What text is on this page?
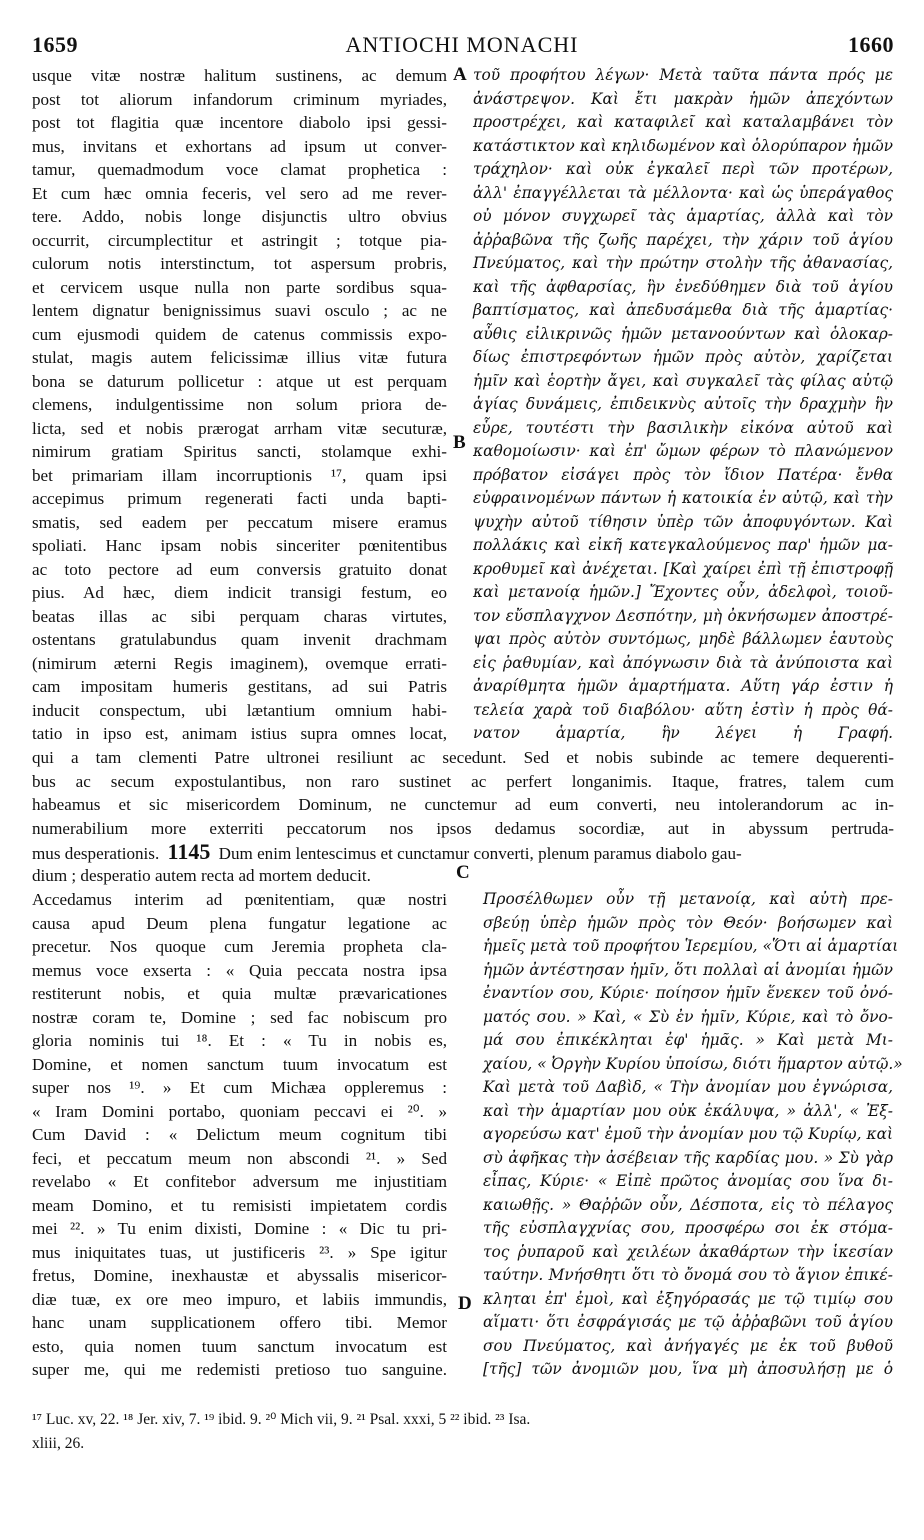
ANTIOCHI MONACHI
1659	1660
A
B
C
D
usque vitæ nostræ halitum sustinens, ac demum
post tot aliorum infandorum criminum myriades,
post tot flagitia quæ incentore diabolo ipsi gessi-
mus, invitans et exhortans ad ipsum ut conver-
tamur, quemadmodum voce clamat prophetica :
Et cum hæc omnia feceris, vel sero ad me rever-
tere. Addo, nobis longe disjunctis ultro obvius
occurrit, circumplectitur et astringit ; totque pia-
culorum notis interstinctum, tot aspersum probris,
et cervicem usque nulla non parte sordibus squa-
lentem dignatur benignissimus suavi osculo ; ac ne
cum ejusmodi quidem de catenus commissis expo-
stulat, magis autem felicissimæ illius vitæ futura
bona se daturum pollicetur : atque ut est perquam
clemens, indulgentissime non solum priora de-
licta, sed et nobis prærogat arrham vitæ secuturæ,
nimirum gratiam Spiritus sancti, stolamque exhi-
bet primariam illam incorruptionis ¹⁷, quam ipsi
accepimus primum regenerati facti unda bapti-
smatis, sed eadem per peccatum misere eramus
spoliati. Hanc ipsam nobis sinceriter pœnitentibus
ac toto pectore ad eum conversis gratuito donat
pius. Ad hæc, diem indicit transigi festum, eo
beatas illas ac sibi perquam charas virtutes,
ostentans gratulabundus quam invenit drachmam
(nimirum æterni Regis imaginem), ovemque errati-
cam impositam humeris gestitans, ad sui Patris
inducit conspectum, ubi lætantium omnium habi-
tatio in ipso est, animam istius supra omnes locat,
τοῦ προφήτου λέγων· Μετὰ ταῦτα πάντα πρός με
ἀνάστρεψον. Καὶ ἔτι μακρὰν ἡμῶν ἀπεχόντων
προστρέχει, καὶ καταφιλεῖ καὶ καταλαμβάνει τὸν
κατάστικτον καὶ κηλιδωμένον καὶ ὁλορύπαρον ἡμῶν
τράχηλον· καὶ οὐκ ἐγκαλεῖ περὶ τῶν προτέρων,
ἀλλ' ἐπαγγέλλεται τὰ μέλλοντα· καὶ ὡς ὑπεράγαθος
οὐ μόνον συγχωρεῖ τὰς ἁμαρτίας, ἀλλὰ καὶ τὸν
ἀῤῥαβῶνα τῆς ζωῆς παρέχει, τὴν χάριν τοῦ ἁγίου
Πνεύματος, καὶ τὴν πρώτην στολὴν τῆς ἀθανασίας,
καὶ τῆς ἀφθαρσίας, ἣν ἐνεδύθημεν διὰ τοῦ ἁγίου
βαπτίσματος, καὶ ἀπεδυσάμεθα διὰ τῆς ἁμαρτίας·
αὖθις εἰλικρινῶς ἡμῶν μετανοούντων καὶ ὁλοκαρ-
δίως ἐπιστρεφόντων ἡμῶν πρὸς αὐτὸν, χαρίζεται
ἡμῖν καὶ ἑορτὴν ἄγει, καὶ συγκαλεῖ τὰς φίλας αὐτῷ
ἁγίας δυνάμεις, ἐπιδεικνὺς αὐτοῖς τὴν δραχμὴν ἣν
εὗρε, τουτέστι τὴν βασιλικὴν εἰκόνα αὐτοῦ καὶ
καθομοίωσιν· καὶ ἐπ' ὤμων φέρων τὸ πλανώμενον
πρόβατον εἰσάγει πρὸς τὸν ἴδιον Πατέρα· ἔνθα
εὐφραινομένων πάντων ἡ κατοικία ἐν αὐτῷ, καὶ τὴν
ψυχὴν αὐτοῦ τίθησιν ὑπὲρ τῶν ἀποφυγόντων. Καὶ
πολλάκις καὶ εἰκῆ κατεγκαλούμενος παρ' ἡμῶν μα-
κροθυμεῖ καὶ ἀνέχεται. [Καὶ χαίρει ἐπὶ τῇ ἐπιστροφῇ
καὶ μετανοίᾳ ἡμῶν.] Ἔχοντες οὖν, ἀδελφοὶ, τοιοῦ-
τον εὔσπλαγχνον Δεσπότην, μὴ ὀκνήσωμεν ἀποστρέ-
ψαι πρὸς αὐτὸν συντόμως, μηδὲ βάλλωμεν ἑαυτοὺς
εἰς ῥαθυμίαν, καὶ ἀπόγνωσιν διὰ τὰ ἀνύποιστα καὶ
ἀναρίθμητα ἡμῶν ἁμαρτήματα. Αὕτη γάρ ἐστιν ἡ
τελεία χαρὰ τοῦ διαβόλου· αὕτη ἐστὶν ἡ πρὸς θά-
νατον ἁμαρτία, ἣν λέγει ἡ Γραφή.
qui a tam clementi Patre ultronei resiliunt ac secedunt. Sed et nobis subinde ac temere dequerenti-
bus ac secum expostulantibus, non raro sustinet ac perfert longanimis. Itaque, fratres, talem cum
habeamus et sic misericordem Dominum, ne cunctemur ad eum converti, neu intolerandorum ac in-
numerabilium more exterriti peccatorum nos ipsos dedamus socordiæ, aut in abyssum pertruda-
mus desperationis. 1145 Dum enim lentescimus et cunctamur converti, plenum paramus diabolo gau-
dium ; desperatio autem recta ad mortem deducit.
Accedamus interim ad pœnitentiam, quæ nostri
causa apud Deum plena fungatur legatione ac
precetur. Nos quoque cum Jeremia propheta cla-
memus voce exserta : « Quia peccata nostra ipsa
restiterunt nobis, et quia multæ prævaricationes
nostræ coram te, Domine ; sed fac nobiscum pro
gloria nominis tui ¹⁸. Et : « Tu in nobis es,
Domine, et nomen sanctum tuum invocatum est
super nos ¹⁹. » Et cum Michæa oppleremus :
« Iram Domini portabo, quoniam peccavi ei ²⁰. »
Cum David : « Delictum meum cognitum tibi
feci, et peccatum meum non abscondi ²¹. » Sed
revelabo « Et confitebor adversum me injustitiam
meam Domino, et tu remisisti impietatem cordis
mei ²². » Tu enim dixisti, Domine : « Dic tu pri-
mus iniquitates tuas, ut justificeris ²³. » Spe igitur
fretus, Domine, inexhaustæ et abyssalis misericor-
diæ tuæ, ex ore meo impuro, et labiis immundis,
hanc unam supplicationem offero tibi. Memor
esto, quia nomen tuum sanctum invocatum est
super me, qui me redemisti pretioso tuo sanguine.
Προσέλθωμεν οὖν τῇ μετανοίᾳ, καὶ αὐτὴ πρε-
σβεύῃ ὑπὲρ ἡμῶν πρὸς τὸν Θεόν· βοήσωμεν καὶ
ἡμεῖς μετὰ τοῦ προφήτου Ἱερεμίου, «Ὅτι αἱ ἁμαρτίαι
ἡμῶν ἀντέστησαν ἡμῖν, ὅτι πολλαὶ αἱ ἀνομίαι ἡμῶν
ἐναντίον σου, Κύριε· ποίησον ἡμῖν ἕνεκεν τοῦ ὀνό-
ματός σου. » Καὶ, « Σὺ ἐν ἡμῖν, Κύριε, καὶ τὸ ὄνο-
μά σου ἐπικέκληται ἐφ' ἡμᾶς. » Καὶ μετὰ Μι-
χαίου, « Ὀργὴν Κυρίου ὑποίσω, διότι ἥμαρτον αὐτῷ.»
Καὶ μετὰ τοῦ Δαβὶδ, « Τὴν ἀνομίαν μου ἐγνώρισα,
καὶ τὴν ἁμαρτίαν μου οὐκ ἐκάλυψα, » ἀλλ', « Ἐξ-
αγορεύσω κατ' ἐμοῦ τὴν ἀνομίαν μου τῷ Κυρίῳ, καὶ
σὺ ἀφῆκας τὴν ἀσέβειαν τῆς καρδίας μου. » Σὺ γὰρ
εἶπας, Κύριε· « Εἰπὲ πρῶτος ἀνομίας σου ἵνα δι-
καιωθῇς. » Θαῤῥῶν οὖν, Δέσποτα, εἰς τὸ πέλαγος
τῆς εὐσπλαγχνίας σου, προσφέρω σοι ἐκ στόμα-
τος ῥυπαροῦ καὶ χειλέων ἀκαθάρτων τὴν ἱκεσίαν
ταύτην. Μνήσθητι ὅτι τὸ ὄνομά σου τὸ ἅγιον ἐπικέ-
κληται ἐπ' ἐμοὶ, καὶ ἐξηγόρασάς με τῷ τιμίῳ σου
αἵματι· ὅτι ἐσφράγισάς με τῷ ἀῤῥαβῶνι τοῦ ἁγίου
σου Πνεύματος, καὶ ἀνήγαγές με ἐκ τοῦ βυθοῦ
[τῆς] τῶν ἀνομιῶν μου, ἵνα μὴ ἀποσυλήσῃ με ὁ
¹⁷ Luc. xv, 22. ¹⁸ Jer. xiv, 7. ¹⁹ ibid. 9. ²⁰ Mich vii, 9. ²¹ Psal. xxxi, 5 ²² ibid. ²³ Isa.
xliii, 26.
